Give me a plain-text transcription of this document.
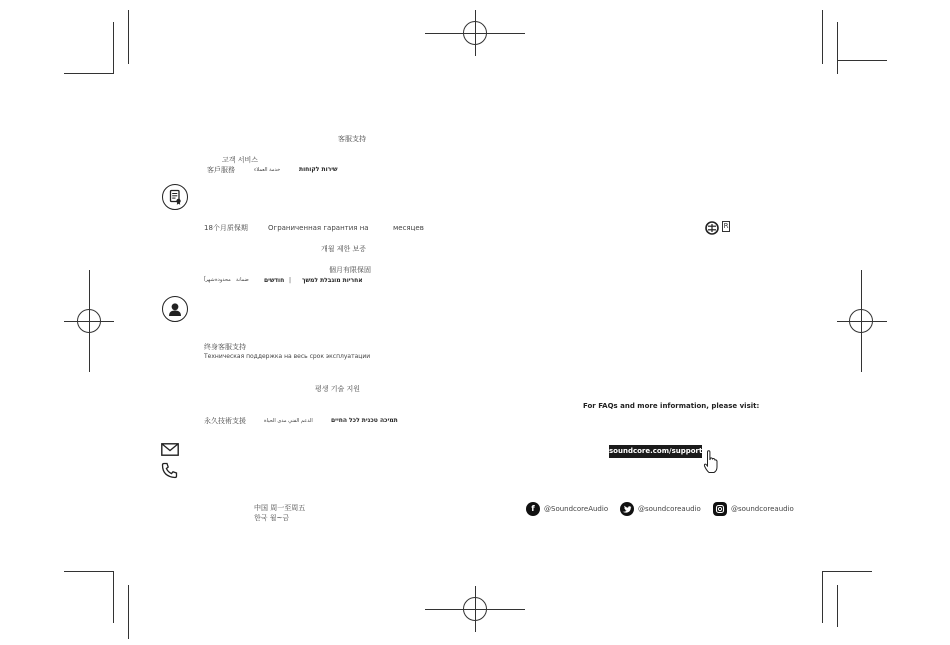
客服支持
고객 서비스
客戶服務	خدمة العملاء	שירות לקוחות
18个月质保期	Ограниченная гарантия на	месяцев
개월 제한 보증
個月有限保固
شهراً محدودة ضمانة	חודשים | אחריות מוגבלת למשך
终身客服支持
Техническая поддержка на весь срок эксплуатации
평생 기술 지원
永久技術支援	الدعم الفني مدى الحياة	תמיכה טכנית לכל החיים
中国 周一至周五
한국 월~금
R
For FAQs and more information, please visit:
soundcore.com/support
f	@SoundcoreAudio	@soundcoreaudio	@soundcoreaudio
